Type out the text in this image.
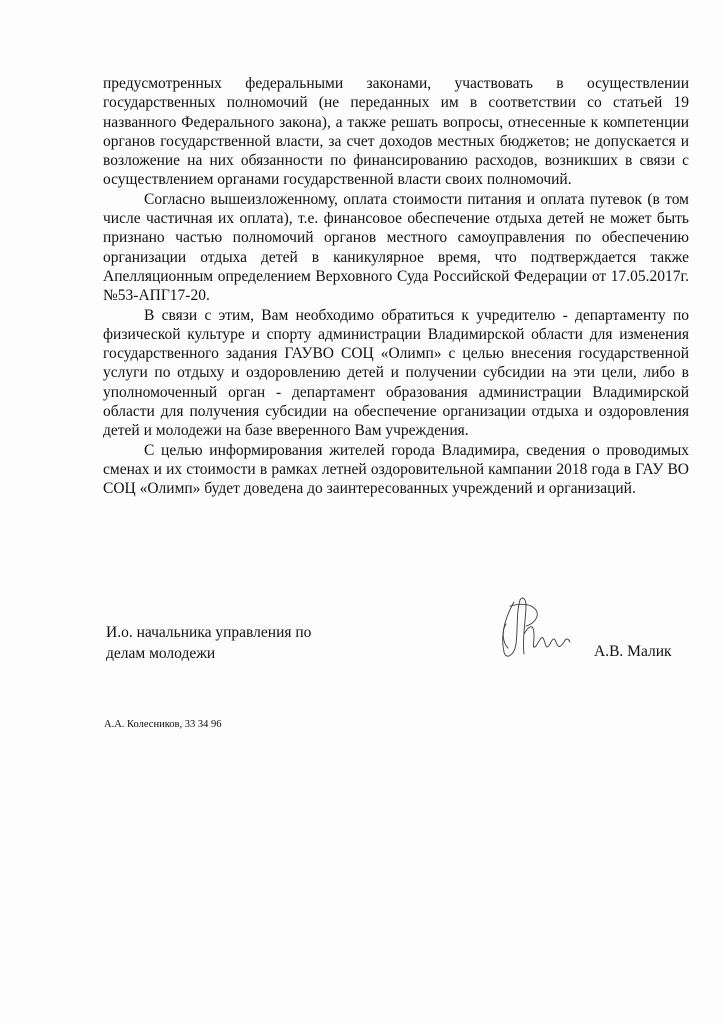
предусмотренных федеральными законами, участвовать в осуществлении государственных полномочий (не переданных им в соответствии со статьей 19 названного Федерального закона), а также решать вопросы, отнесенные к компетенции органов государственной власти, за счет доходов местных бюджетов; не допускается и возложение на них обязанности по финансированию расходов, возникших в связи с осуществлением органами государственной власти своих полномочий.

Согласно вышеизложенному, оплата стоимости питания и оплата путевок (в том числе частичная их оплата), т.е. финансовое обеспечение отдыха детей не может быть признано частью полномочий органов местного самоуправления по обеспечению организации отдыха детей в каникулярное время, что подтверждается также Апелляционным определением Верховного Суда Российской Федерации от 17.05.2017г. №53-АПГ17-20.

В связи с этим, Вам необходимо обратиться к учредителю - департаменту по физической культуре и спорту администрации Владимирской области для изменения государственного задания ГАУВО СОЦ «Олимп» с целью внесения государственной услуги по отдыху и оздоровлению детей и получении субсидии на эти цели, либо в уполномоченный орган - департамент образования администрации Владимирской области для получения субсидии на обеспечение организации отдыха и оздоровления детей и молодежи на базе вверенного Вам учреждения.

С целью информирования жителей города Владимира, сведения о проводимых сменах и их стоимости в рамках летней оздоровительной кампании 2018 года в ГАУ ВО СОЦ «Олимп» будет доведена до заинтересованных учреждений и организаций.

И.о. начальника управления по
делам молодежи	А.В. Малик
А.А. Колесников, 33 34 96
